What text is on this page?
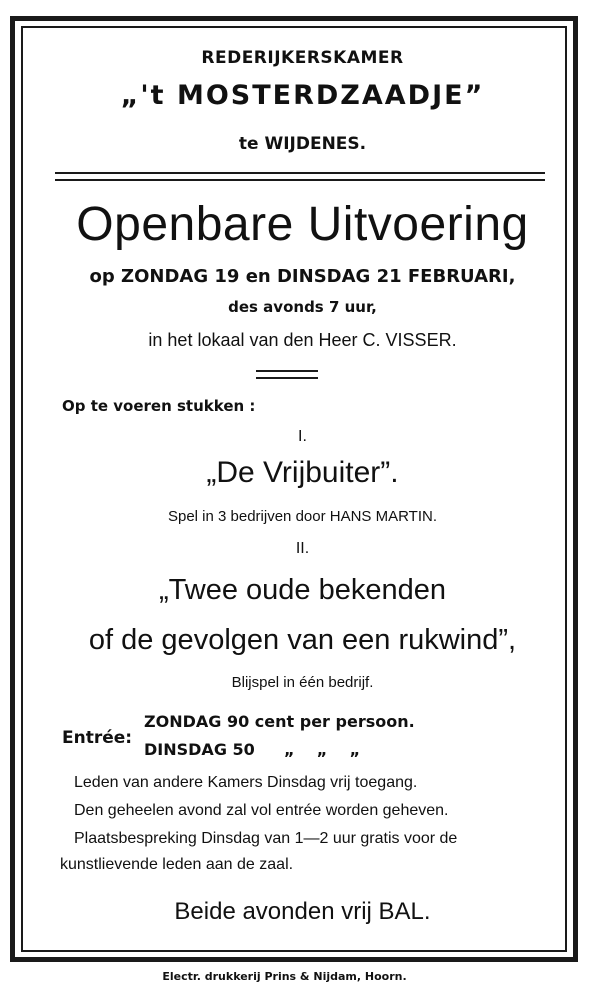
REDERIJKERSKAMER
„'t MOSTERDZAADJE”
te WIJDENES.
Openbare Uitvoering
op ZONDAG 19 en DINSDAG 21 FEBRUARI,
des avonds 7 uur,
in het lokaal van den Heer C. VISSER.
Op te voeren stukken :
I.
„De Vrijbuiter”.
Spel in 3 bedrijven door HANS MARTIN.
II.
„Twee oude bekenden
of de gevolgen van een rukwind”,
Blijspel in één bedrijf.
Entrée:
ZONDAG 90 cent per persoon.
DINSDAG 50 „    „    „
Leden van andere Kamers Dinsdag vrij toegang.
Den geheelen avond zal vol entrée worden geheven.
Plaatsbespreking Dinsdag van 1—2 uur gratis voor de
kunstlievende leden aan de zaal.
Beide avonden vrij BAL.
Electr. drukkerij Prins & Nijdam, Hoorn.
